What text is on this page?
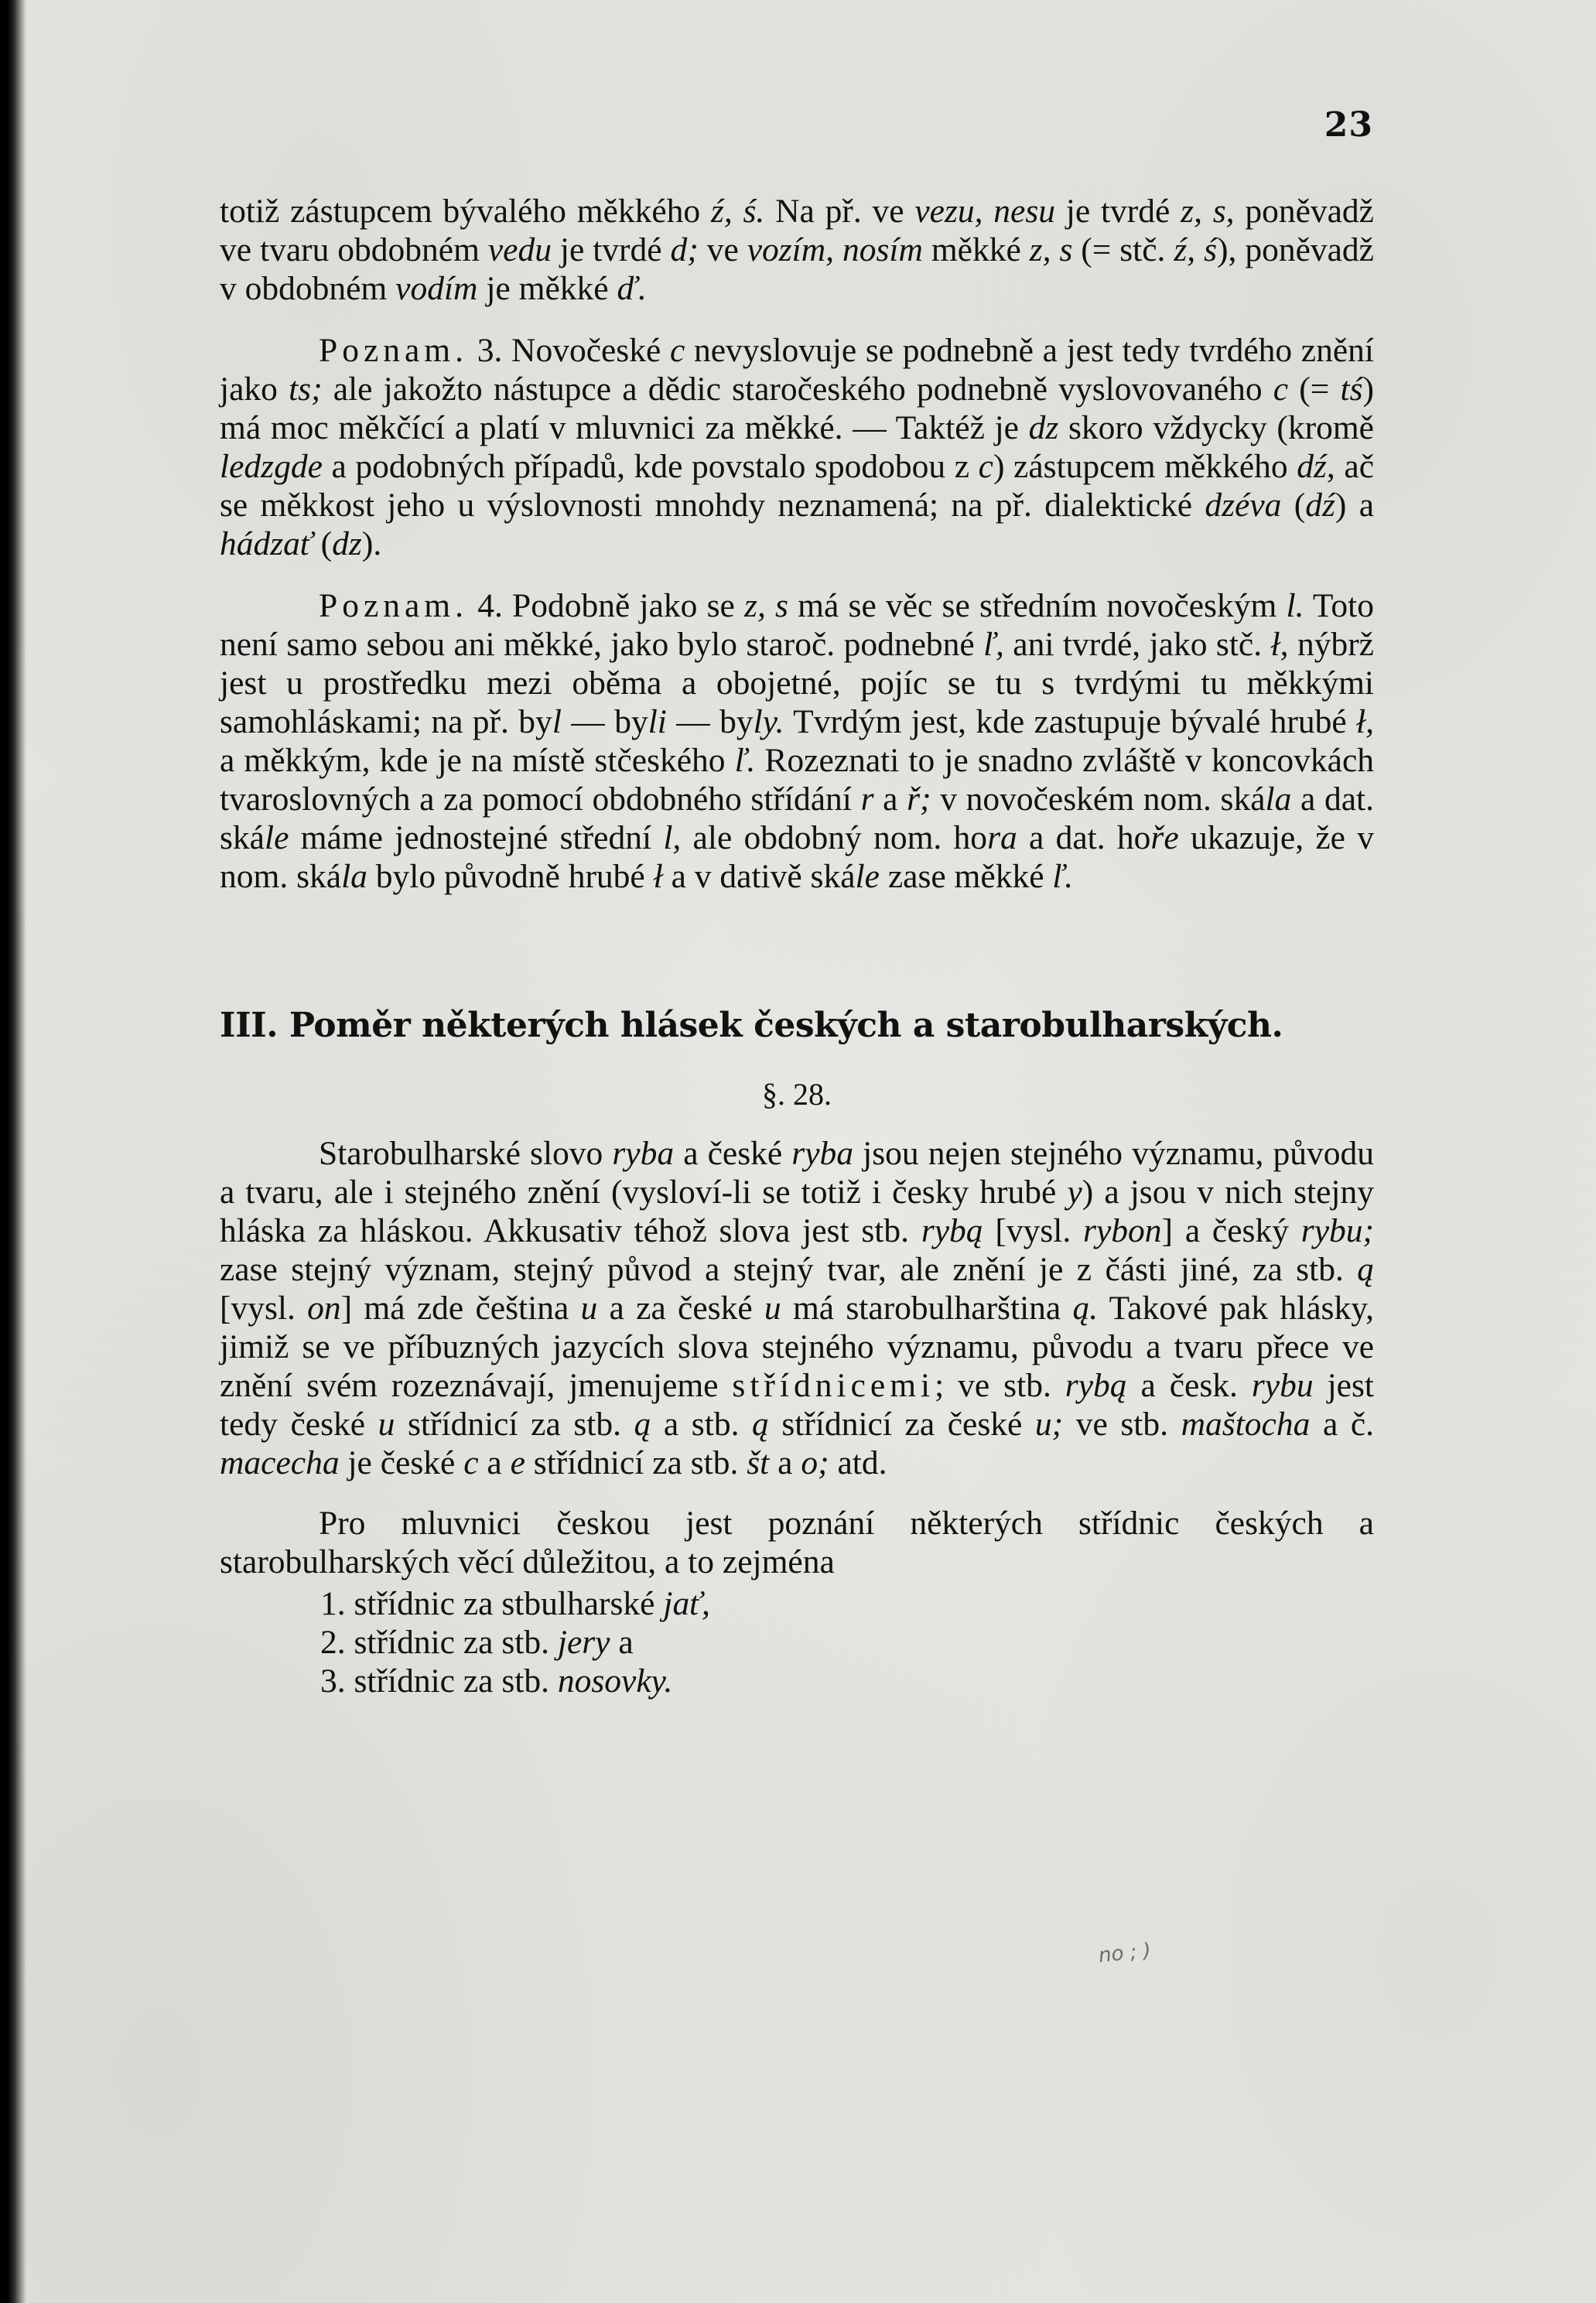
23

totiž zástupcem bývalého měkkého ź, ś. Na př. ve vezu, nesu je tvrdé z, s, poněvadž ve tvaru obdobném vedu je tvrdé d; ve vozím, nosím měkké z, s (= stč. ź, ś), poněvadž v obdobném vodím je měkké ď.

Poznam. 3. Novočeské c nevyslovuje se podnebně a jest tedy tvrdého znění jako ts; ale jakožto nástupce a dědic staročeského podnebně vyslovovaného c (= tś) má moc měkčící a platí v mluvnici za měkké. — Taktéž je dz skoro vždycky (kromě ledzgde a podobných případů, kde povstalo spodobou z c) zástupcem měkkého dź, ač se měkkost jeho u výslovnosti mnohdy neznamená; na př. dialektické dzéva (dź) a hádzať (dz).

Poznam. 4. Podobně jako se z, s má se věc se středním novočeským l. Toto není samo sebou ani měkké, jako bylo staroč. podnebné ľ, ani tvrdé, jako stč. ł, nýbrž jest u prostředku mezi oběma a obojetné, pojíc se tu s tvrdými tu měkkými samohláskami; na př. byl — byli — byly. Tvrdým jest, kde zastupuje bývalé hrubé ł, a měkkým, kde je na místě stčeského ľ. Rozeznati to je snadno zvláště v koncovkách tvaroslovných a za pomocí obdobného střídání r a ř; v novočeském nom. skála a dat. skále máme jednostejné střední l, ale obdobný nom. hora a dat. hoře ukazuje, že v nom. skála bylo původně hrubé ł a v dativě skále zase měkké ľ.

III. Poměr některých hlásek českých a starobulharských.

§. 28.

Starobulharské slovo ryba a české ryba jsou nejen stejného významu, původu a tvaru, ale i stejného znění (vysloví-li se totiž i česky hrubé y) a jsou v nich stejny hláska za hláskou. Akkusativ téhož slova jest stb. rybą [vysl. rybon] a český rybu; zase stejný význam, stejný původ a stejný tvar, ale znění je z části jiné, za stb. ą [vysl. on] má zde čeština u a za české u má starobulharština ą. Takové pak hlásky, jimiž se ve příbuzných jazycích slova stejného významu, původu a tvaru přece ve znění svém rozeznávají, jmenujeme střídnicemi; ve stb. rybą a česk. rybu jest tedy české u střídnicí za stb. ą a stb. ą střídnicí za české u; ve stb. maštocha a č. macecha je české c a e střídnicí za stb. št a o; atd.

Pro mluvnici českou jest poznání některých střídnic českých a starobulharských věcí důležitou, a to zejména

1. střídnic za stbulharské jať,
2. střídnic za stb. jery a
3. střídnic za stb. nosovky.
no ; )
